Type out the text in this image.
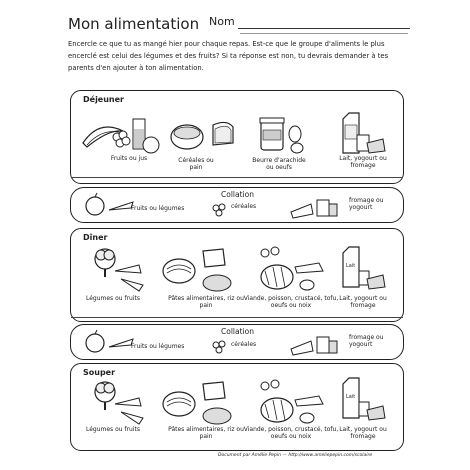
Mon alimentation Nom
Encercle ce que tu as mangé hier pour chaque repas. Est-ce que le groupe d'aliments le plus encerclé est celui des légumes et des fruits? Si ta réponse est non, tu devrais demander à tes parents d'en ajouter à ton alimentation.
Déjeuner
Fruits ou jus	Céréales ou pain
Beurre d'arachide ou oeufs
Lait, yogourt ou fromage
Collation
Fruits ou légumes	céréales
fromage ou yogourt
Dîner
Légumes ou fruits	Pâtes alimentaires, riz ou pain
Viande, poisson, crustacé, tofu, oeufs ou noix
Lait
Lait, yogourt ou fromage
Collation
Fruits ou légumes	céréales
fromage ou yogourt
Souper
Légumes ou fruits	Pâtes alimentaires, riz ou pain
Viande, poisson, crustacé, tofu, oeufs ou noix
Lait
Lait, yogourt ou fromage
Document par Amélie Pepin — http://www.ameliepepin.com/scolaire
